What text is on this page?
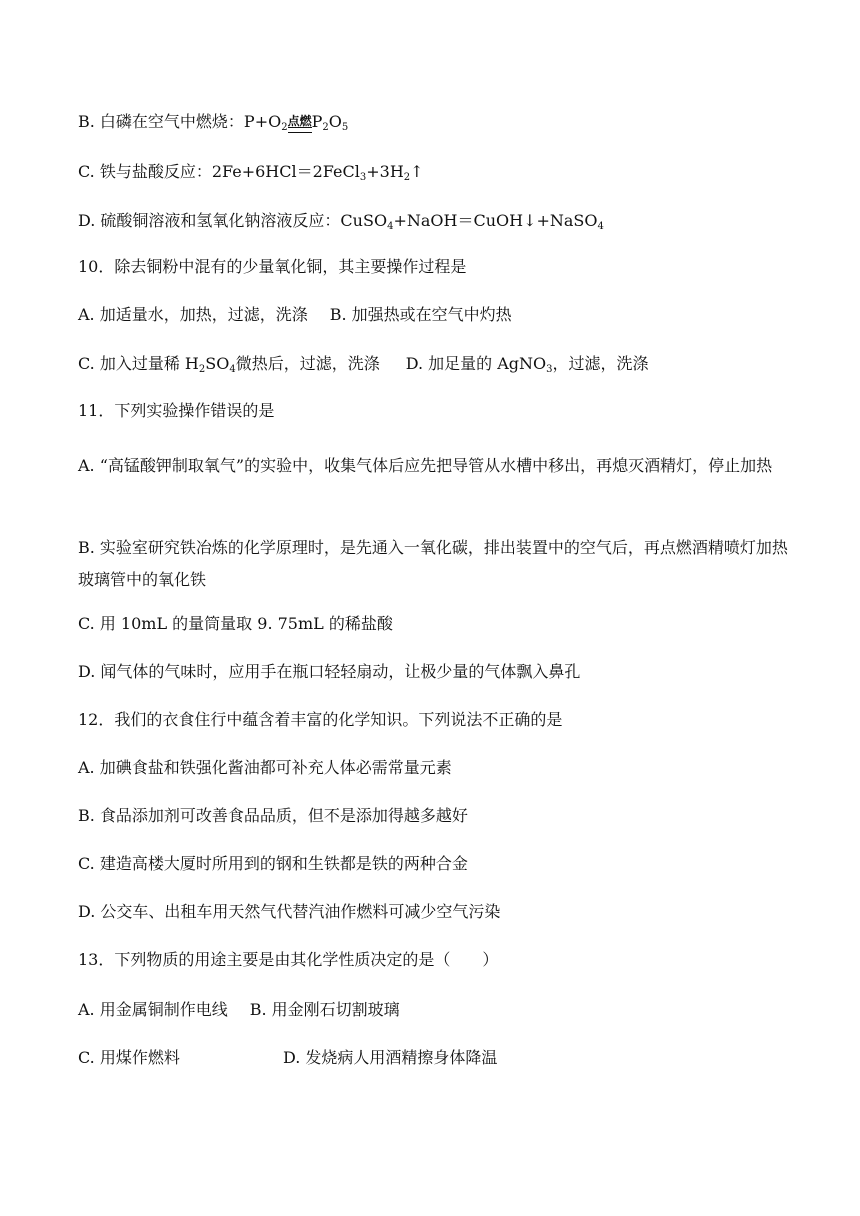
B. 白磷在空气中燃烧：$P+O_2$ 点燃 $P_2O_5$
C. 铁与盐酸反应：$2Fe+6HCl=2FeCl_3+3H_2↑$
D. 硫酸铜溶液和氢氧化钠溶液反应：CuSO$_4$+NaOH＝CuOH↓+NaSO$_4$
10．除去铜粉中混有的少量氧化铜，其主要操作过程是
A. 加适量水，加热，过滤，洗涤 B. 加强热或在空气中灼热
C. 加入过量稀 $H_2SO_4$微热后，过滤，洗涤 D. 加足量的 AgNO$_3$，过滤，洗涤
11．下列实验操作错误的是
A. “高锰酸钾制取氧气”的实验中，收集气体后应先把导管从水槽中移出，再熄灭酒精灯，停止加热
B. 实验室研究铁冶炼的化学原理时，是先通入一氧化碳，排出装置中的空气后，再点燃酒精喷灯加热玻璃管中的氧化铁
C. 用 10mL 的量筒量取 9. 75mL 的稀盐酸
D. 闻气体的气味时，应用手在瓶口轻轻扇动，让极少量的气体飘入鼻孔
12．我们的衣食住行中蕴含着丰富的化学知识。下列说法不正确的是
A. 加碘食盐和铁强化酱油都可补充人体必需常量元素
B. 食品添加剂可改善食品品质，但不是添加得越多越好
C. 建造高楼大厦时所用到的钢和生铁都是铁的两种合金
D. 公交车、出租车用天然气代替汽油作燃料可减少空气污染
13．下列物质的用途主要是由其化学性质决定的是（　　）
A. 用金属铜制作电线 B. 用金刚石切割玻璃
C. 用煤作燃料	D. 发烧病人用酒精擦身体降温
